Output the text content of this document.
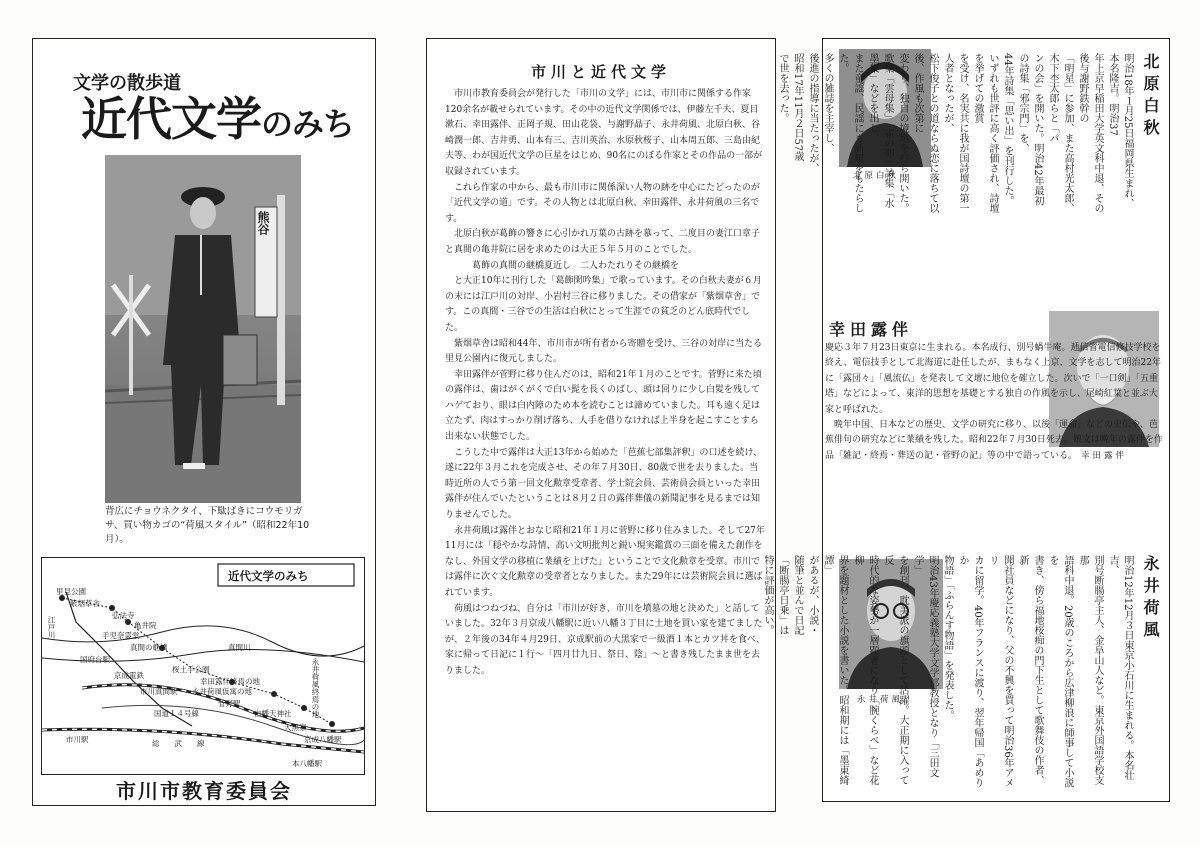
文学の散歩道
近代文学のみち
熊谷
背広にチョウネクタイ、下駄ばきにコウモリガサ、買い物カゴの“荷風スタイル”（昭和22年10月）。
近代文学のみち
里見公園
紫烟草舎
弘法寺
亀井院
手児奈霊堂
真間の継橋
国府台駅
桜土手公園
幸田露伴終焉の地
永井荷風仮寓の地
市川真間駅
菅野駅
白幡天神社
大黒家
永井荷風終焉の地
京成八幡駅
国道１４号線
市川駅	総　　武　　線
本八幡駅
江戸川
真間川
京成電鉄
市川市教育委員会
市川と近代文学

市川市教育委員会が発行した「市川の文学」には、市川市に関係する作家120余名が載せられています。その中の近代文学関係では、伊藤左千夫、夏目漱石、幸田露伴、正岡子規、田山花袋、与謝野晶子、永井荷風、北原白秋、谷崎潤一郎、吉井勇、山本有三、吉川英治、水原秋桜子、山本周五郎、三島由紀夫等、わが国近代文学の巨星をはじめ、90名にのぼる作家とその作品の一部が収録されています。

これら作家の中から、最も市川市に関係深い人物の跡を中心にたどったのが「近代文学の道」です。その人物とは北原白秋、幸田露伴、永井荷風の三名です。

北原白秋が葛飾の響きに心引かれ万葉の古跡を慕って、二度目の妻江口章子と真間の亀井院に居を求めたのは大正５年５月のことでした。

葛飾の真間の継橋夏近し　二人わたれりその継橋を

と大正10年に刊行した「葛飾閑吟集」で歌っています。その白秋夫妻が６月の末には江戸川の対岸、小岩村三谷に移りました。その借家が「紫烟草舎」です。この真間・三谷での生活は白秋にとって生涯での貧乏のどん底時代でした。

紫烟草舎は昭和44年、市川市が所有者から寄贈を受け、三谷の対岸に当たる里見公園内に復元しました。

幸田露伴が菅野に移り住んだのは、昭和21年１月のことです。菅野に来た頃の露伴は、歯はがくがくで白い髭を長くのばし、頭は回りに少し白髪を残してハゲており、眼は白内障のため本を読むことは諦めていました。耳も遠く足は立たず、肉はすっかり削げ落ち、人手を借りなければ上半身を起こすことすら出来ない状態でした。

こうした中で露伴は大正13年から始めた「芭蕉七部集評釈」の口述を続け、遂に22年３月これを完成させ、その年７月30日、80歳で世を去りました。当時近所の人でう第一回文化勲章受章者、学士院会員、芸術員会員といった幸田露伴が住んでいたということは８月２日の露伴葬儀の新聞記事を見るまでは知りませんでした。

永井荷風は露伴とおなじ昭和21年１月に菅野に移り住みました。そして27年11月には「穏やかな詩情、高い文明批判と鋭い現実鑑賞の三面を備えた創作をなし、外国文学の移植に業績を上げた」ということで文化勲章を受章。市川では露伴に次ぐ文化勲章の受章者となりました。また29年には芸術院会員に選ばれています。

荷風はつねづね、自分は「市川が好き、市川を墳墓の地と決めた」と話していました。32年３月京成八幡駅に近い八幡３丁目に土地を買い家を建てましたが、２年後の34年４月29日、京成駅前の大黒家で一級酒１本とカツ丼を食べ、家に帰って日記に１行〜「四月廿九日、祭日、陰」〜と書き残したまま世を去りました。

北原白秋
北原白秋
明治18年１月25日福岡県生まれ、本名隆吉。明治37
年上京早稲田大学英文科中退、その後与謝野鉄幹の
「明星」に参加、また高村光太郎、木下杢太郎らと「パ
ンの会」を開いた。明治42年最初の詩集「邪宗門」を、
44年詩集「思い出」を刊行した。
いずれも世評に高く評価され、詩壇を挙げての激賞
を受け、名実共に我が国詩壇の第一人者となったが、
松下俊子との道ならぬ恋に落ちて以後、作風も次第に
変わり、独自の境地を打ち開いた。
歌集「雲母集」「雀の卵」詩集「水墨集」などを出し、
また童謡、民謡にも新風をもたらした。
多くの雑誌を主宰し、
後進の指導に当たったが、
昭和17年11月２日57歳
で世を去った。
幸田露伴
幸田露伴

慶応３年７月23日東京に生まれる。本名成行、別号蝸牛庵。逓信省電信修技学校を終え、電信技手として北海道に赴任したが、まもなく上京、文学を志して明治22年に「露団々」「風流仏」を発表して文壇に地位を確立した。次いで「一口剣」「五重塔」などによって、東洋的思想を基礎とする独自の作風を示し、尾崎紅葉と並ぶ大家と呼ばれた。

晩年中国、日本などの歴史、文学の研究に移り、以後「運命」などの史伝や、芭蕉俳句の研究などに業績を残した。昭和22年７月30日死去。娘文は晩年の露伴を作品「雑記・終焉・葬送の記・菅野の記」等の中で語っている。

永井荷風
永井荷風
明治12年12月３日東京小石川に生まれる。本名壮吉、
別号断腸亭主人、金阜山人など。東京外国語学校支那
語科中退。20歳のころから広津柳浪に師事して小説を
書き、傍ら福地桜痴の門下生として歌舞伎の作者、新
聞社員などになり、父の不興を買って明治36年アメリ
カに留学。40年フランスに渡り、翌年帰国「あめりか
物語」「ふらんす物語」を発表した。
明治43年慶応義塾大学文学部教授となり「三田文学」
を創刊、耽美派の旗頭として活躍。大正期に入って反
時代的な姿勢が一層顕著になり「腕くらべ」など花柳
界を題材とした小説を書いた。昭和期には「墨東綺譚」
があるが、小説・
随筆と並んで日記
「断腸亭日乗」は
特に評価が高い。
